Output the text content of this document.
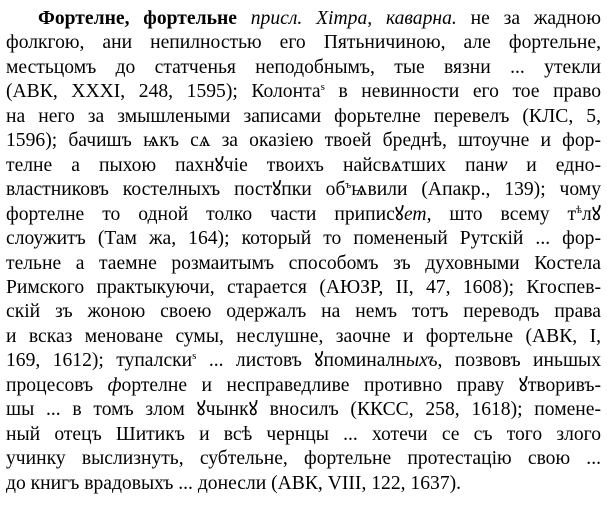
Фортелне, фортельне присл. Хітра, каварна. не за жадною
фолкгою, ани непилностью его Пятьничиною, але фортельне,
местьцомъ до статченья неподобнымъ, тые вязни ... утекли
(АВК, ХХХІ, 248, 1595); Колонта$^s$ в невинности его тое право
на него за змышлеными записами форьтелне перевелъ (КЛС, 5,
1596); бачишъ ѩкъ сѧ за оказіею твоей бреднѣ, штоучне и фор-
телне а пыхою пахнꙋчіе твоихъ найсвѧтших панѡ и едно-
властниковъ костелныхъ постꙋпки $об^ъѩвили$ (Апакр., 139); чому
фортелне то одной толко части приписꙋет, што всему $т^ѣлꙋ$
слоужитъ (Там жа, 164); который то помененый Рутскій ... фор-
тельне а таемне розмаитымъ способомъ зъ духовными Костела
Римского практыкуючи, старается (АЮЗР, ІІ, 47, 1608); Кгоспев-
скій зъ жоною своею одержалъ на немъ тотъ переводъ права
и всказ меноване сумы, неслушне, заочне и фортельне (АВК, І,
169, 1612); тупалски$^s$ ... листовъ ꙋпоминалныхъ, позвовъ иньшых
процесовъ фортелне и несправедливе противно праву ꙋтворивъ-
шы ... в томъ злом ꙋчынкꙋ вносилъ (ККСС, 258, 1618); помене-
ный отецъ Шитикъ и всѣ чернцы ... хотечи се съ того злого
учинку выслизнуть, субтельне, фортельне протестацію свою ...
до книгъ врадовыхъ ... донесли (АВК, VIII, 122, 1637).
